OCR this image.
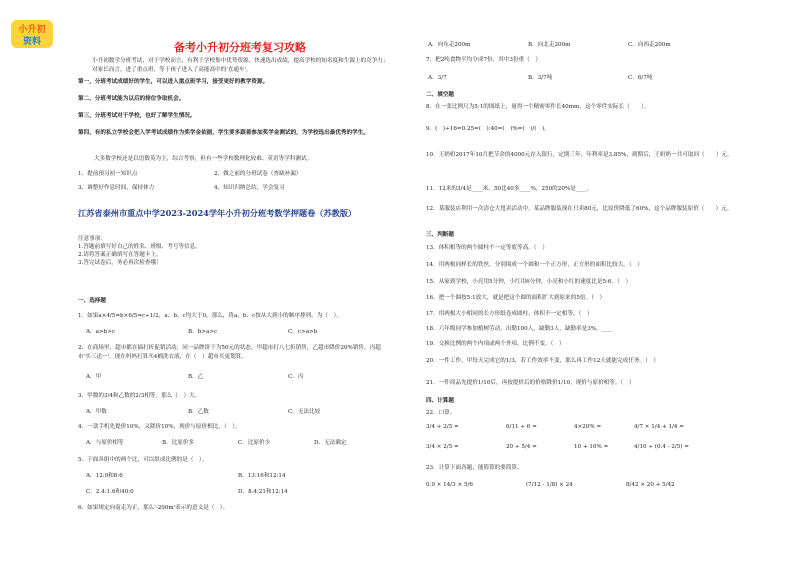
小升初
资料	备考小升初分班考复习攻略
小升初数学分班考试，对于学校而言，有利于学校集中优势资源，快速选出成绩，提高学校的知名度和生源上的竞争力；对家长而言，进了重点班，等于孩子进入了高能高中的'直通车'。
第一，分班考试成绩好的学生，可以进入重点班学习，接受更好的教学资源。
第二，分班考试能为以后的排位争取机会。
第三，分班考试对于学校，也好了解学生情况。
第四，有的私立学校会把入学考试成绩作为奖学金依据，学生要多跟着参加奖学金测试的，为学校选出最优秀的学生。
大多数学校还是以语数英为主，综合考察，但有一些学校数理化较难、英语等学科测试。
1、提前预习初一知识点	2、做之前的分班试卷（查缺补漏）
3、调整好作息时间，保持体力	4、知识归纳总结，学会复习
江苏省泰州市重点中学2023-2024学年小升初分班考数学押题卷（苏教版）
注意事项：
1.答题前填写好自己的姓名、班级、考号等信息。
2.请将答案正确填写在答题卡上。
3.答完试卷后，务必再次检查哦！
一、选择题
1．如果a×4/5=b×6/5=c÷1/2，a、b、c均大于0，那么，将a、b、c按从大到小的顺序排列，为（　）。
A．a>b>c	B．b>a>c	C．c>a>b
2．在商场里，超市都在搞打折促销活动，同一品牌饼干为50元的状态，甲超市打八七折销售，乙超市降价20%销售，丙超市'买三送一'。现在妈妈打算买4桶洗衣液，在（　）超市买更划算。
A．甲	B．乙	C．丙
3．甲数的3/4和乙数的2/3相等，那么（　）大。
A．甲数	B．乙数	C．无法比较
4．一款手机先提价10%，又降价10%，现价与原价相比，（　）。
A．与原价相等	B．比原价多	C．比原价少	D．无法确定
5．下面各组中的两个比，可以组成比例的是（　）。
A．12:9和8:6	B．13:16和12:14
C．2.4:1.6和40:0	D．8.4:21和12:14
6．如果规定向南走为正，那么'-200m'表示的意义是（　）。
A．向东走200m	B．向北走200m	C．向西走200m
7．把2吨食物平均分成7份，其中3份重（　）
A．3/7	B．3/7吨	C．6/7吨
二、填空题
8．在一张比例尺为5:1的图纸上，量得一个精密零件长40mm，这个零件实际长（　　）。
9．(　)÷16=0.25=(　):40=(　)%=(　)/(　)。
10．王奶奶2017年10月把节余的4000元存入银行，定期三年，年利率是3.85%，到期后，王奶奶一共可取回（　　）元。
11．12米的3/4是____米，50比40多____%，250的20%是____。
12．某服装店利用一次清仓大甩卖活动中，某品牌服装现在只卖80元，比原价降低了60%，这个品牌服装原价（　　）元。
三、判断题
13．体积相等的两个圆柱不一定等底等高。（　）
14．用两根同样长的铁丝，分别围成一个圆和一个正方形，正方形的面积比较大。（　）
15．从家到学校，小亮用5分钟，小红用6分钟，小亮和小红的速度比是5:6。（　）
16．把一个圆按5:1放大，就是把这个圆的面积扩大到原来的5倍。（　）
17．用两根大小相同的长方形纸卷成圆柱，体积不一定相等。（　）
18．六年级同学参加植树劳动，出勤100人，缺勤3人，缺勤率是3%。____
19．交换比例的两个内项或两个外项，比例不变。（　）
20．一件工作，甲每天完成它的1/3，若工作效率不变，那么再工作12天就能完成任务。（　）
21．一件商品先提价1/10后，再按提价后的价格降价1/10，现价与原价相等。（　）
四、计算题
22．口算。
3/4 + 2/5 =	6/11 ÷ 6 =	4×20% =	4/7 × 1/4 + 1/4 =
3/4 × 2/5 =	20 ÷ 5/4 =	10 + 10% =	4/10 ÷ (0.4 - 2/5) =
23．计算下面各题，能简算的要简算。
0.9 × 14/3 × 5/6	(7/12 - 1/8) × 24	8/42 × 20 + 5/42
